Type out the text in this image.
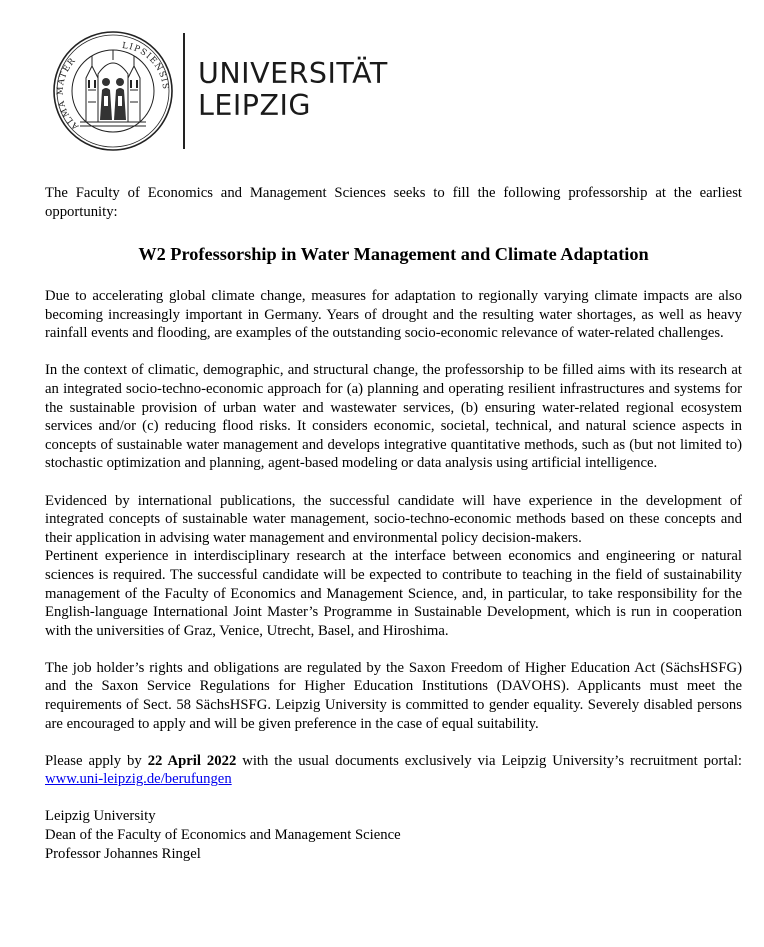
ALMA MATER
LIPSIENSIS UNIVERSITÄT
LEIPZIG

The Faculty of Economics and Management Sciences seeks to fill the following professorship at the earliest opportunity:

W2 Professorship in Water Management and Climate Adaptation

Due to accelerating global climate change, measures for adaptation to regionally varying climate impacts are also becoming increasingly important in Germany. Years of drought and the resulting water shortages, as well as heavy rainfall events and flooding, are examples of the outstanding socio-economic relevance of water-related challenges.

In the context of climatic, demographic, and structural change, the professorship to be filled aims with its research at an integrated socio-techno-economic approach for (a) planning and operating resilient infrastructures and systems for the sustainable provision of urban water and wastewater services, (b) ensuring water-related regional ecosystem services and/or (c) reducing flood risks. It considers economic, societal, technical, and natural science aspects in concepts of sustainable water management and develops integrative quantitative methods, such as (but not limited to) stochastic optimization and planning, agent-based modeling or data analysis using artificial intelligence.

Evidenced by international publications, the successful candidate will have experience in the development of integrated concepts of sustainable water management, socio-techno-economic methods based on these concepts and their application in advising water management and environmental policy decision-makers.

Pertinent experience in interdisciplinary research at the interface between economics and engineering or natural sciences is required. The successful candidate will be expected to contribute to teaching in the field of sustainability management of the Faculty of Economics and Management Science, and, in particular, to take responsibility for the English-language International Joint Master’s Programme in Sustainable Development, which is run in cooperation with the universities of Graz, Venice, Utrecht, Basel, and Hiroshima.

The job holder’s rights and obligations are regulated by the Saxon Freedom of Higher Education Act (SächsHSFG) and the Saxon Service Regulations for Higher Education Institutions (DAVOHS). Applicants must meet the requirements of Sect. 58 SächsHSFG. Leipzig University is committed to gender equality. Severely disabled persons are encouraged to apply and will be given preference in the case of equal suitability.

Please apply by 22 April 2022 with the usual documents exclusively via Leipzig University’s recruitment portal: www.uni-leipzig.de/berufungen

Leipzig University
Dean of the Faculty of Economics and Management Science
Professor Johannes Ringel
